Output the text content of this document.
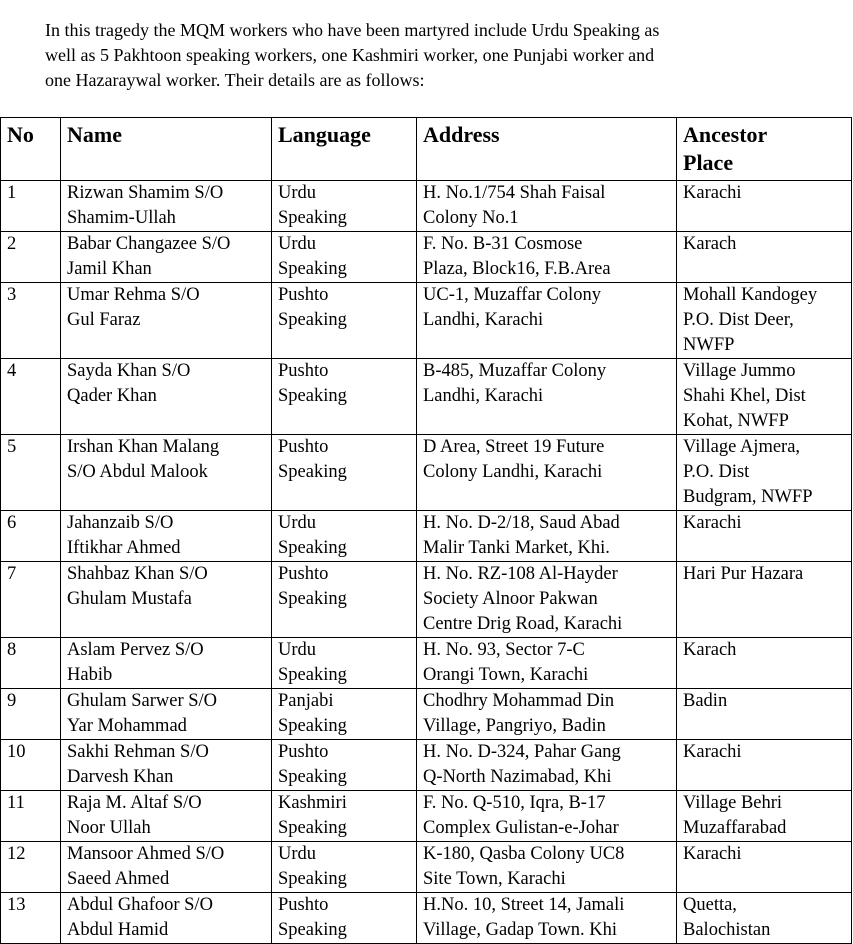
In this tragedy the MQM workers who have been martyred include Urdu Speaking as
well as 5 Pakhtoon speaking workers, one Kashmiri worker, one Punjabi worker and
one Hazaraywal worker. Their details are as follows:

No	Name	Language	Address	Ancestor
Place
1	Rizwan Shamim S/O
Shamim-Ullah	Urdu
Speaking	H. No.1/754 Shah Faisal
Colony No.1	Karachi

2	Babar Changazee S/O
Jamil Khan	Urdu
Speaking	F. No. B-31 Cosmose
Plaza, Block16, F.B.Area	Karach

3	Umar Rehma S/O
Gul Faraz	Pushto
Speaking	UC-1, Muzaffar Colony
Landhi, Karachi	Mohall Kandogey
P.O. Dist Deer,
NWFP

4	Sayda Khan S/O
Qader Khan	Pushto
Speaking	B-485, Muzaffar Colony
Landhi, Karachi	Village Jummo
Shahi Khel, Dist
Kohat, NWFP

5	Irshan Khan Malang
S/O Abdul Malook	Pushto
Speaking	D Area, Street 19 Future
Colony Landhi, Karachi	Village Ajmera,
P.O. Dist
Budgram, NWFP

6	Jahanzaib S/O
Iftikhar Ahmed	Urdu
Speaking	H. No. D-2/18, Saud Abad
Malir Tanki Market, Khi.	Karachi

7	Shahbaz Khan S/O
Ghulam Mustafa	Pushto
Speaking	H. No. RZ-108 Al-Hayder
Society Alnoor Pakwan
Centre Drig Road, Karachi	Hari Pur Hazara

8	Aslam Pervez S/O
Habib	Urdu
Speaking	H. No. 93, Sector 7-C
Orangi Town, Karachi	Karach

9	Ghulam Sarwer S/O
Yar Mohammad	Panjabi
Speaking	Chodhry Mohammad Din
Village, Pangriyo, Badin	Badin

10	Sakhi Rehman S/O
Darvesh Khan	Pushto
Speaking	H. No. D-324, Pahar Gang
Q-North Nazimabad, Khi	Karachi

11	Raja M. Altaf S/O
Noor Ullah	Kashmiri
Speaking	F. No. Q-510, Iqra, B-17
Complex Gulistan-e-Johar	Village Behri
Muzaffarabad

12	Mansoor Ahmed S/O
Saeed Ahmed	Urdu
Speaking	K-180, Qasba Colony UC8
Site Town, Karachi	Karachi

13	Abdul Ghafoor S/O
Abdul Hamid	Pushto
Speaking	H.No. 10, Street 14, Jamali
Village, Gadap Town. Khi	Quetta,
Balochistan
